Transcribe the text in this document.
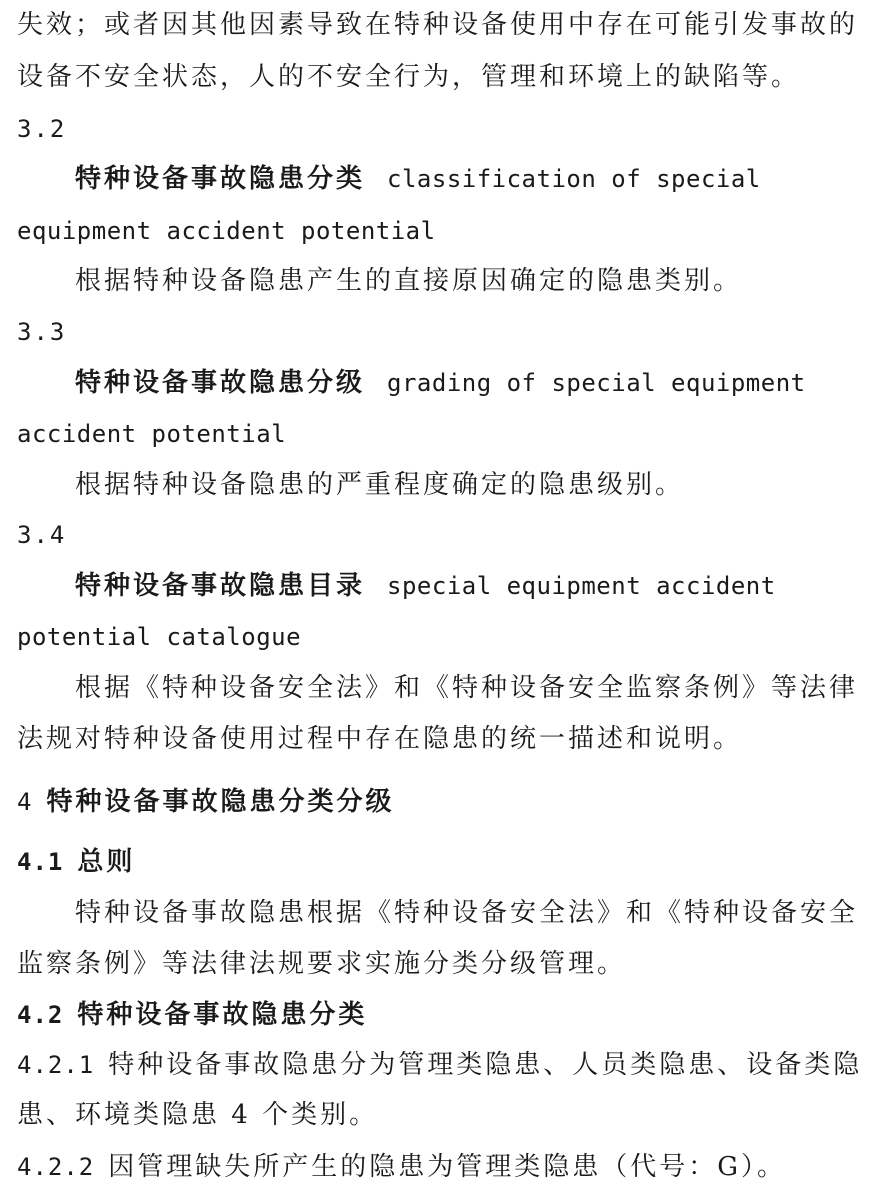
失效；或者因其他因素导致在特种设备使用中存在可能引发事故的
设备不安全状态，人的不安全行为，管理和环境上的缺陷等。
3.2
特种设备事故隐患分类 classification of special
equipment accident potential
根据特种设备隐患产生的直接原因确定的隐患类别。
3.3
特种设备事故隐患分级 grading of special equipment
accident potential
根据特种设备隐患的严重程度确定的隐患级别。
3.4
特种设备事故隐患目录 special equipment accident
potential catalogue
根据《特种设备安全法》和《特种设备安全监察条例》等法律
法规对特种设备使用过程中存在隐患的统一描述和说明。
4 特种设备事故隐患分类分级
4.1 总则
特种设备事故隐患根据《特种设备安全法》和《特种设备安全
监察条例》等法律法规要求实施分类分级管理。
4.2 特种设备事故隐患分类
4.2.1 特种设备事故隐患分为管理类隐患、人员类隐患、设备类隐
患、环境类隐患 4 个类别。
4.2.2 因管理缺失所产生的隐患为管理类隐患（代号：G）。
